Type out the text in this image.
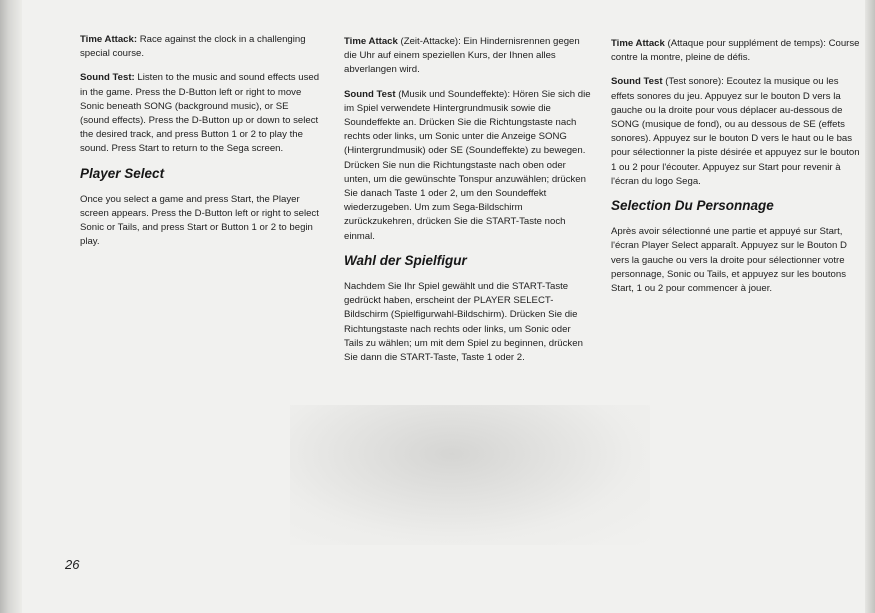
Time Attack: Race against the clock in a challenging special course.

Sound Test: Listen to the music and sound effects used in the game. Press the D-Button left or right to move Sonic beneath SONG (background music), or SE (sound effects). Press the D-Button up or down to select the desired track, and press Button 1 or 2 to play the sound. Press Start to return to the Sega screen.

Player Select

Once you select a game and press Start, the Player screen appears. Press the D-Button left or right to select Sonic or Tails, and press Start or Button 1 or 2 to begin play.

Time Attack (Zeit-Attacke): Ein Hindernisrennen gegen die Uhr auf einem speziellen Kurs, der Ihnen alles abverlangen wird.

Sound Test (Musik und Soundeffekte): Hören Sie sich die im Spiel verwendete Hintergrundmusik sowie die Soundeffekte an. Drücken Sie die Richtungstaste nach rechts oder links, um Sonic unter die Anzeige SONG (Hintergrundmusik) oder SE (Soundeffekte) zu bewegen. Drücken Sie nun die Richtungstaste nach oben oder unten, um die gewünschte Tonspur anzuwählen; drücken Sie danach Taste 1 oder 2, um den Soundeffekt wiederzugeben. Um zum Sega-Bildschirm zurückzukehren, drücken Sie die START-Taste noch einmal.

Wahl der Spielfigur

Nachdem Sie Ihr Spiel gewählt und die START-Taste gedrückt haben, erscheint der PLAYER SELECT-Bildschirm (Spielfigurwahl-Bildschirm). Drücken Sie die Richtungstaste nach rechts oder links, um Sonic oder Tails zu wählen; um mit dem Spiel zu beginnen, drücken Sie dann die START-Taste, Taste 1 oder 2.

Time Attack (Attaque pour supplément de temps): Course contre la montre, pleine de défis.

Sound Test (Test sonore): Ecoutez la musique ou les effets sonores du jeu. Appuyez sur le bouton D vers la gauche ou la droite pour vous déplacer au-dessous de SONG (musique de fond), ou au dessous de SE (effets sonores). Appuyez sur le bouton D vers le haut ou le bas pour sélectionner la piste désirée et appuyez sur le bouton 1 ou 2 pour l'écouter. Appuyez sur Start pour revenir à l'écran du logo Sega.

Selection Du Personnage

Après avoir sélectionné une partie et appuyé sur Start, l'écran Player Select apparaît. Appuyez sur le Bouton D vers la gauche ou vers la droite pour sélectionner votre personnage, Sonic ou Tails, et appuyez sur les boutons Start, 1 ou 2 pour commencer à jouer.

26
